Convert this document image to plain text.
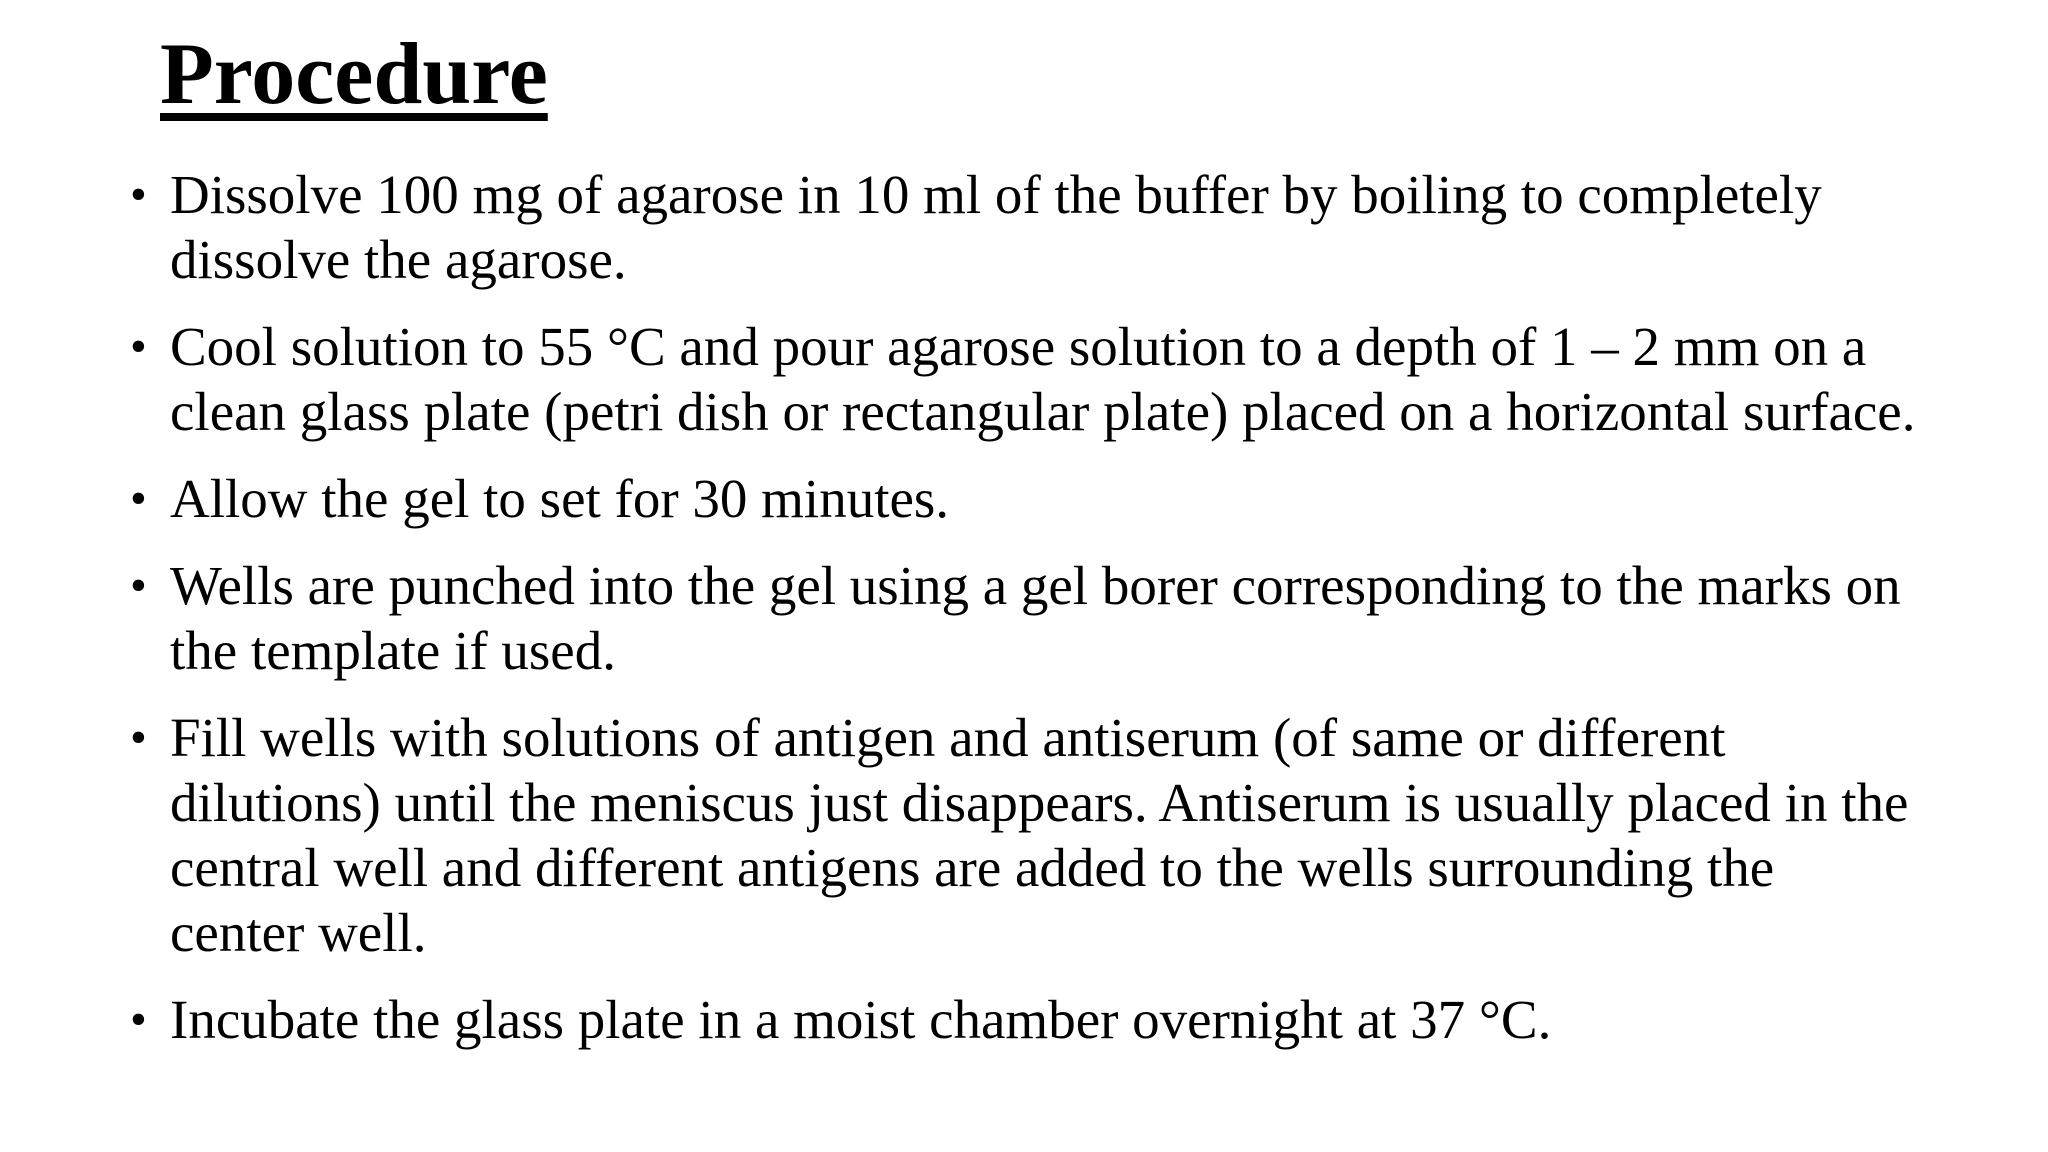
Procedure
• Dissolve 100 mg of agarose in 10 ml of the buffer by boiling to completely dissolve the agarose.
• Cool solution to 55 °C and pour agarose solution to a depth of 1 – 2 mm on a clean glass plate (petri dish or rectangular plate) placed on a horizontal surface.
• Allow the gel to set for 30 minutes.
• Wells are punched into the gel using a gel borer corresponding to the marks on the template if used.
• Fill wells with solutions of antigen and antiserum (of same or different dilutions) until the meniscus just disappears. Antiserum is usually placed in the central well and different antigens are added to the wells surrounding the center well.
• Incubate the glass plate in a moist chamber overnight at 37 °C.
